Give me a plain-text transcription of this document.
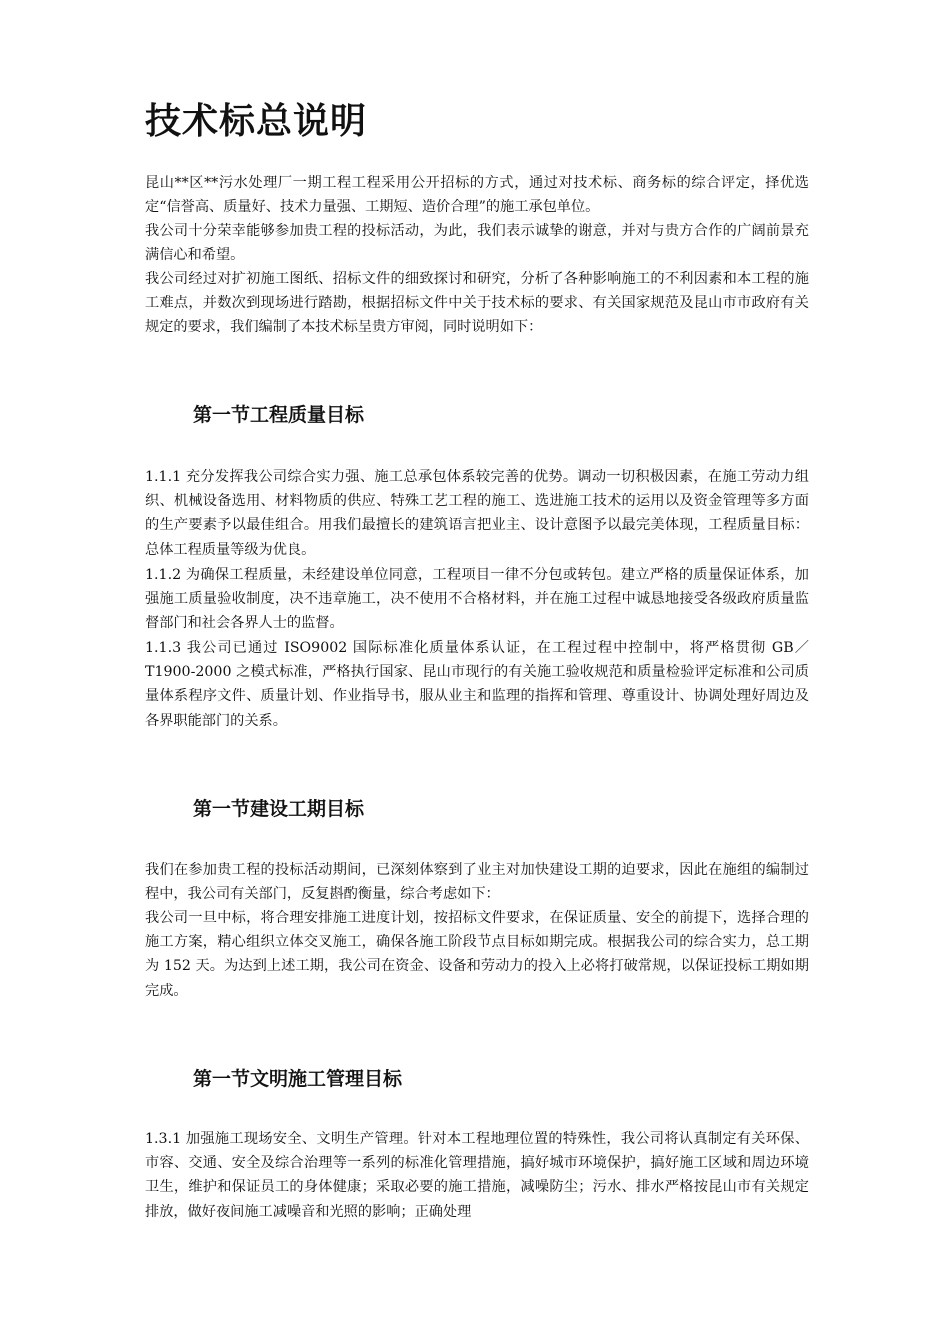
技术标总说明

昆山**区**污水处理厂一期工程工程采用公开招标的方式，通过对技术标、商务标的综合评定，择优选定“信誉高、质量好、技术力量强、工期短、造价合理”的施工承包单位。

我公司十分荣幸能够参加贵工程的投标活动，为此，我们表示诚挚的谢意，并对与贵方合作的广阔前景充满信心和希望。

我公司经过对扩初施工图纸、招标文件的细致探讨和研究，分析了各种影响施工的不利因素和本工程的施工难点，并数次到现场进行踏勘，根据招标文件中关于技术标的要求、有关国家规范及昆山市市政府有关规定的要求，我们编制了本技术标呈贵方审阅，同时说明如下：

第一节工程质量目标

1.1.1 充分发挥我公司综合实力强、施工总承包体系较完善的优势。调动一切积极因素，在施工劳动力组织、机械设备选用、材料物质的供应、特殊工艺工程的施工、选进施工技术的运用以及资金管理等多方面的生产要素予以最佳组合。用我们最擅长的建筑语言把业主、设计意图予以最完美体现，工程质量目标：总体工程质量等级为优良。

1.1.2 为确保工程质量，未经建设单位同意，工程项目一律不分包或转包。建立严格的质量保证体系，加强施工质量验收制度，决不违章施工，决不使用不合格材料，并在施工过程中诚恳地接受各级政府质量监督部门和社会各界人士的监督。

1.1.3 我公司已通过 ISO9002 国际标准化质量体系认证，在工程过程中控制中，将严格贯彻 GB／T1900-2000 之模式标准，严格执行国家、昆山市现行的有关施工验收规范和质量检验评定标准和公司质量体系程序文件、质量计划、作业指导书，服从业主和监理的指挥和管理、尊重设计、协调处理好周边及各界职能部门的关系。

第一节建设工期目标

我们在参加贵工程的投标活动期间，已深刻体察到了业主对加快建设工期的迫要求，因此在施组的编制过程中，我公司有关部门，反复斟酌衡量，综合考虑如下：

我公司一旦中标，将合理安排施工进度计划，按招标文件要求，在保证质量、安全的前提下，选择合理的施工方案，精心组织立体交叉施工，确保各施工阶段节点目标如期完成。根据我公司的综合实力，总工期为 152 天。为达到上述工期，我公司在资金、设备和劳动力的投入上必将打破常规，以保证投标工期如期完成。

第一节文明施工管理目标

1.3.1 加强施工现场安全、文明生产管理。针对本工程地理位置的特殊性，我公司将认真制定有关环保、市容、交通、安全及综合治理等一系列的标准化管理措施，搞好城市环境保护，搞好施工区域和周边环境卫生，维护和保证员工的身体健康；采取必要的施工措施，减噪防尘；污水、排水严格按昆山市有关规定排放，做好夜间施工减噪音和光照的影响；正确处理
